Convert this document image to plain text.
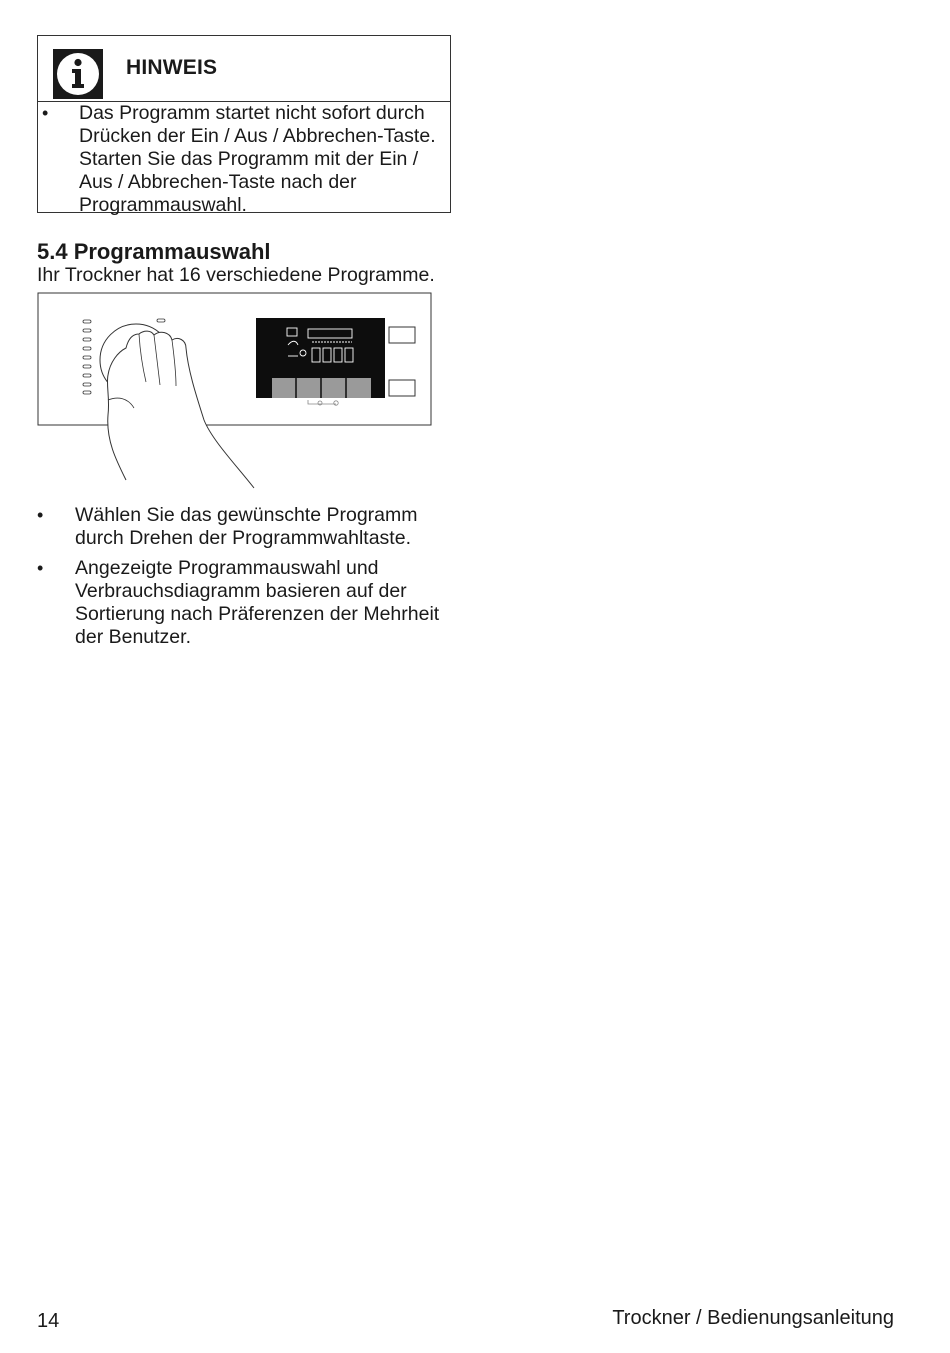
HINWEIS
• Das Programm startet nicht sofort durch Drücken der Ein / Aus / Abbrechen-Taste. Starten Sie das Programm mit der Ein / Aus / Abbrechen-Taste nach der Programmauswahl.
5.4 Programmauswahl
Ihr Trockner hat 16 verschiedene Programme.
• Wählen Sie das gewünschte Programm durch Drehen der Programmwahltaste.
• Angezeigte Programmauswahl und Verbrauchsdiagramm basieren auf der Sortierung nach Präferenzen der Mehrheit der Benutzer.
14	Trockner / Bedienungsanleitung
